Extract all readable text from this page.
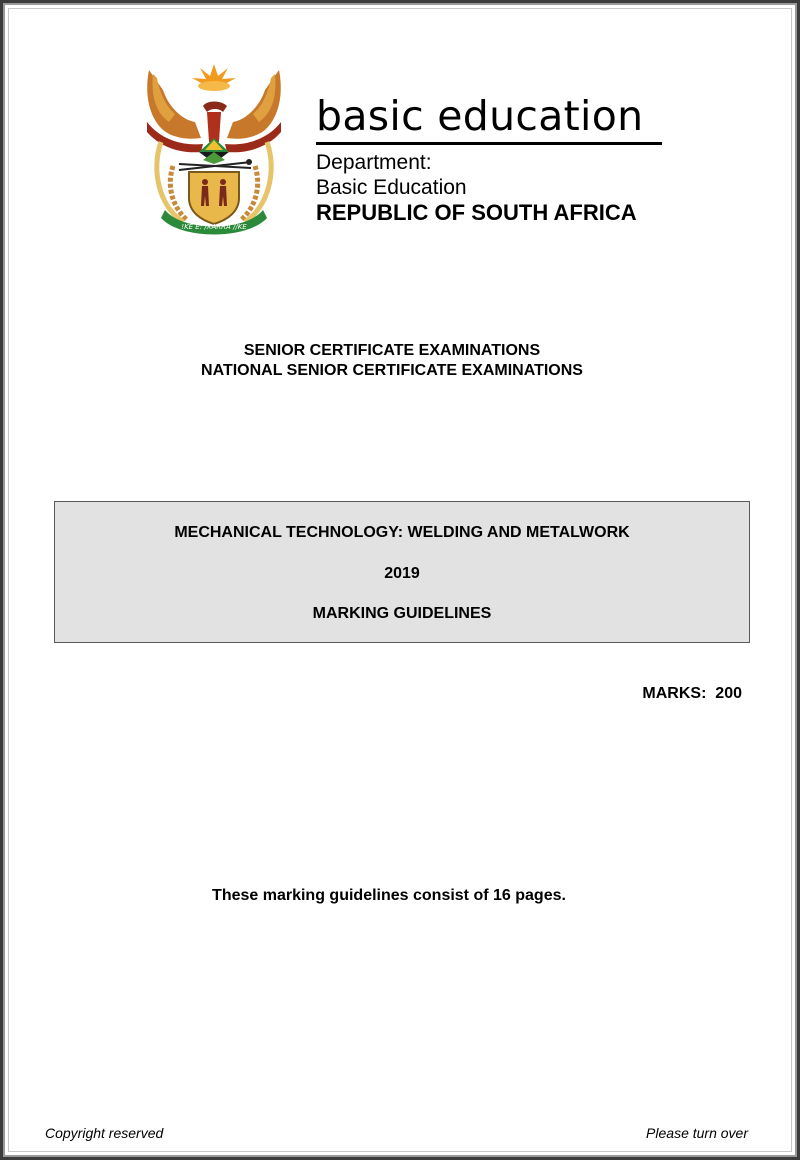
!KE E: /XARRA //KE
basic education
Department:
Basic Education
REPUBLIC OF SOUTH AFRICA
SENIOR CERTIFICATE EXAMINATIONS
NATIONAL SENIOR CERTIFICATE EXAMINATIONS
MECHANICAL TECHNOLOGY: WELDING AND METALWORK
2019
MARKING GUIDELINES
MARKS:  200
These marking guidelines consist of 16 pages.
Copyright reserved	Please turn over
